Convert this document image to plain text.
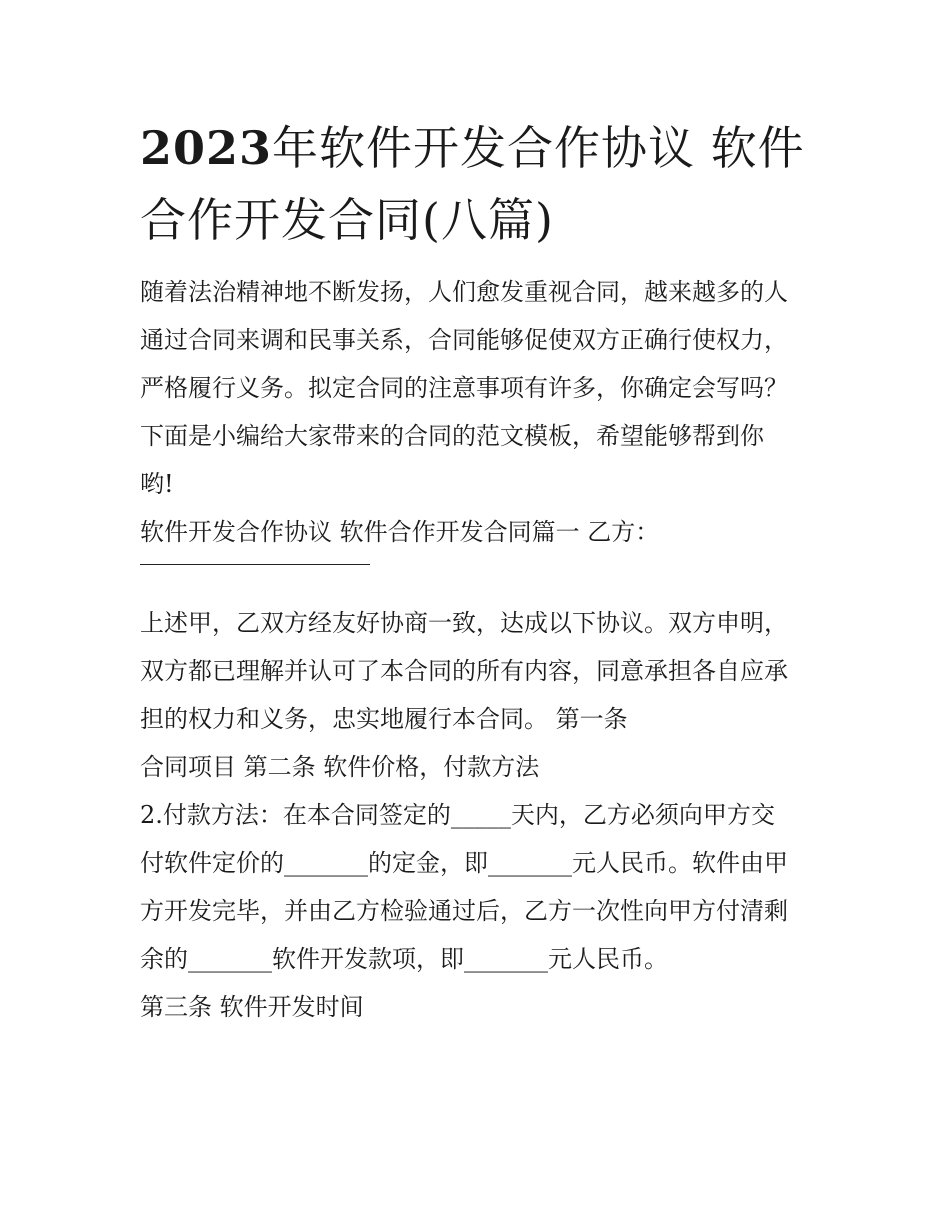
2023年软件开发合作协议 软件合作开发合同(八篇)

随着法治精神地不断发扬，人们愈发重视合同，越来越多的人

通过合同来调和民事关系，合同能够促使双方正确行使权力，

严格履行义务。拟定合同的注意事项有许多，你确定会写吗？

下面是小编给大家带来的合同的范文模板，希望能够帮到你

哟!

软件开发合作协议 软件合作开发合同篇一 乙方：

上述甲，乙双方经友好协商一致，达成以下协议。双方申明，

双方都已理解并认可了本合同的所有内容，同意承担各自应承

担的权力和义务，忠实地履行本合同。 第一条

合同项目 第二条 软件价格，付款方法

2.付款方法：在本合同签定的_____天内，乙方必须向甲方交

付软件定价的_______的定金，即_______元人民币。软件由甲

方开发完毕，并由乙方检验通过后，乙方一次性向甲方付清剩

余的_______软件开发款项，即_______元人民币。

第三条 软件开发时间
